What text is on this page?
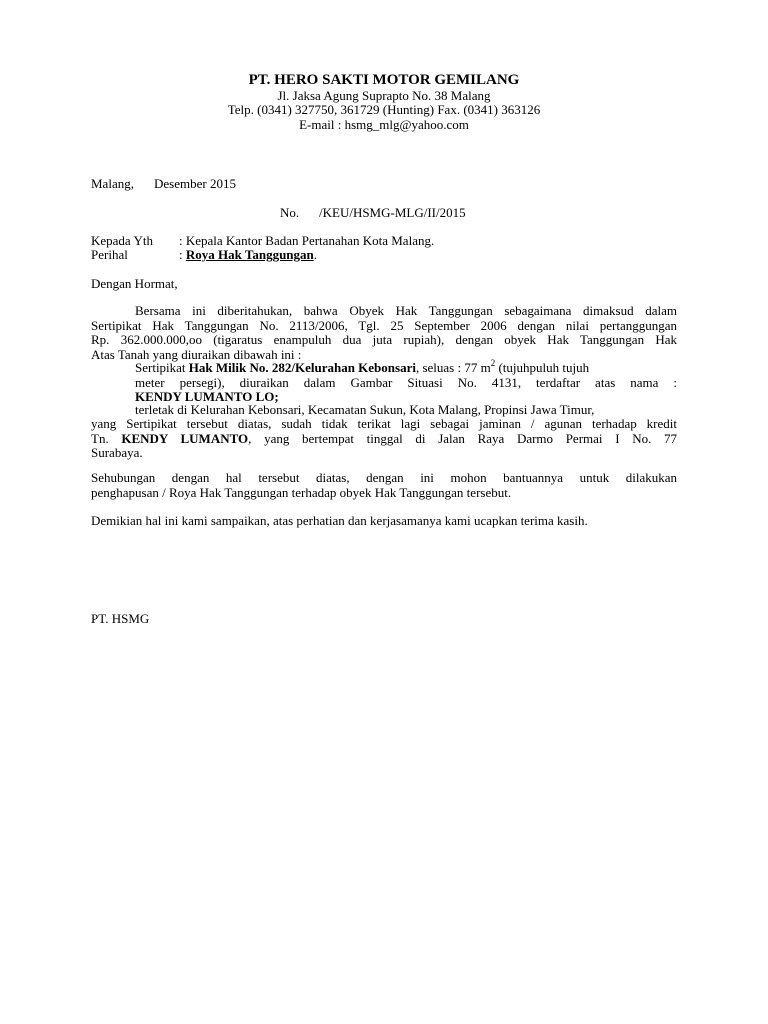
PT. HERO SAKTI MOTOR GEMILANG
Jl. Jaksa Agung Suprapto No. 38 Malang
Telp. (0341) 327750, 361729 (Hunting) Fax. (0341) 363126
E-mail : hsmg_mlg@yahoo.com
Malang, Desember 2015
No. /KEU/HSMG-MLG/II/2015
Kepada Yth : Kepala Kantor Badan Pertanahan Kota Malang.
Perihal	: Roya Hak Tanggungan.
Dengan Hormat,
Bersama ini diberitahukan, bahwa Obyek Hak Tanggungan sebagaimana dimaksud dalam
Sertipikat Hak Tanggungan No. 2113/2006, Tgl. 25 September 2006 dengan nilai pertanggungan
Rp. 362.000.000,oo (tigaratus enampuluh dua juta rupiah), dengan obyek Hak Tanggungan Hak
Atas Tanah yang diuraikan dibawah ini :
Sertipikat Hak Milik No. 282/Kelurahan Kebonsari, seluas : 77 $m^2$ (tujuhpuluh tujuh
meter persegi), diuraikan dalam Gambar Situasi No. 4131, terdaftar atas nama :
KENDY LUMANTO LO;
terletak di Kelurahan Kebonsari, Kecamatan Sukun, Kota Malang, Propinsi Jawa Timur,
yang Sertipikat tersebut diatas, sudah tidak terikat lagi sebagai jaminan / agunan terhadap kredit
Tn. KENDY LUMANTO, yang bertempat tinggal di Jalan Raya Darmo Permai I No. 77
Surabaya.
Sehubungan dengan hal tersebut diatas, dengan ini mohon bantuannya untuk dilakukan
penghapusan / Roya Hak Tanggungan terhadap obyek Hak Tanggungan tersebut.
Demikian hal ini kami sampaikan, atas perhatian dan kerjasamanya kami ucapkan terima kasih.
PT. HSMG
